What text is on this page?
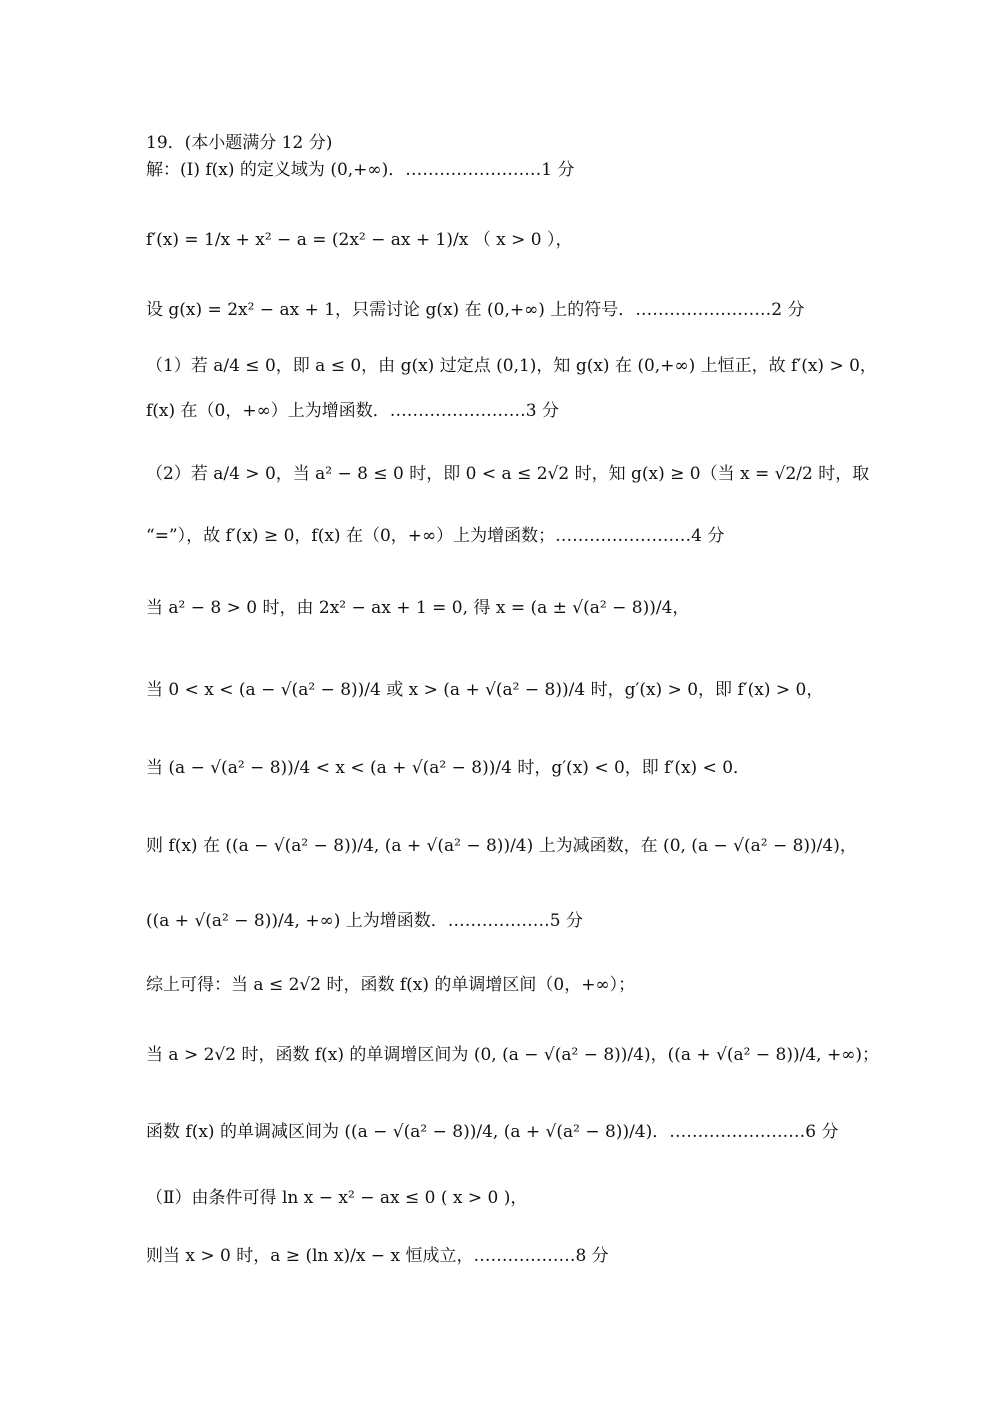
19．(本小题满分 12 分)
解：(Ⅰ) f(x) 的定义域为 (0,+∞)．……………………1 分
f′(x) = 1/x + x² − a = (2x² − ax + 1)/x （ x > 0 ），
设 g(x) = 2x² − ax + 1，只需讨论 g(x) 在 (0,+∞) 上的符号．……………………2 分
（1）若 a/4 ≤ 0，即 a ≤ 0，由 g(x) 过定点 (0,1)，知 g(x) 在 (0,+∞) 上恒正，故 f′(x) > 0，
f(x) 在（0，+∞）上为增函数．……………………3 分
（2）若 a/4 > 0，当 a² − 8 ≤ 0 时，即 0 < a ≤ 2√2 时，知 g(x) ≥ 0（当 x = √2/2 时，取
“=”），故 f′(x) ≥ 0，f(x) 在（0，+∞）上为增函数；……………………4 分
当 a² − 8 > 0 时，由 2x² − ax + 1 = 0, 得 x = (a ± √(a² − 8))/4，
当 0 < x < (a − √(a² − 8))/4 或 x > (a + √(a² − 8))/4 时，g′(x) > 0，即 f′(x) > 0，
当 (a − √(a² − 8))/4 < x < (a + √(a² − 8))/4 时，g′(x) < 0，即 f′(x) < 0．
则 f(x) 在 ((a − √(a² − 8))/4, (a + √(a² − 8))/4) 上为减函数，在 (0, (a − √(a² − 8))/4)，
((a + √(a² − 8))/4, +∞) 上为增函数．………………5 分
综上可得：当 a ≤ 2√2 时，函数 f(x) 的单调增区间（0，+∞）；
当 a > 2√2 时，函数 f(x) 的单调增区间为 (0, (a − √(a² − 8))/4)，((a + √(a² − 8))/4, +∞)；
函数 f(x) 的单调减区间为 ((a − √(a² − 8))/4, (a + √(a² − 8))/4)．……………………6 分
（Ⅱ）由条件可得 ln x − x² − ax ≤ 0 ( x > 0 )，
则当 x > 0 时，a ≥ (ln x)/x − x 恒成立，………………8 分
